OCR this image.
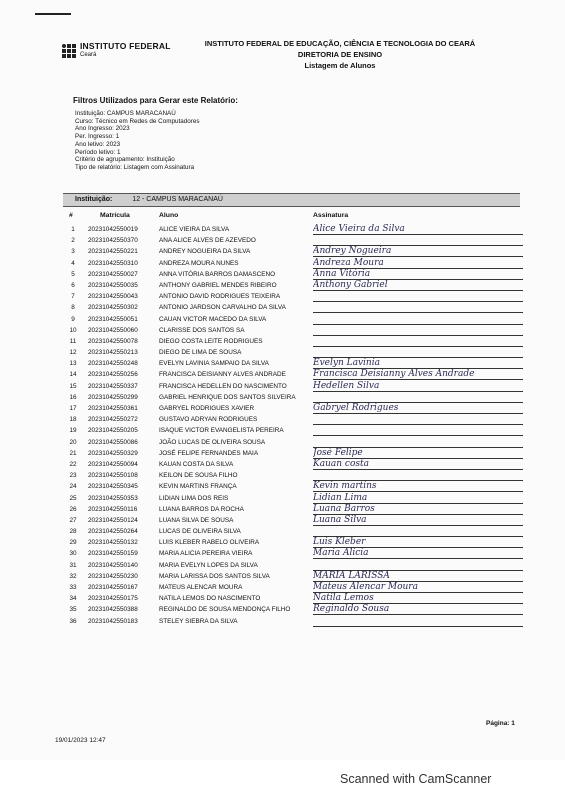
INSTITUTO FEDERAL
Ceará
INSTITUTO FEDERAL DE EDUCAÇÃO, CIÊNCIA E TECNOLOGIA DO CEARÁ
DIRETORIA DE ENSINO
Listagem de Alunos
Filtros Utilizados para Gerar este Relatório:
Instituição: CAMPUS MARACANAÚ
Curso: Técnico em Redes de Computadores
Ano Ingresso: 2023
Per. Ingresso: 1
Ano letivo: 2023
Período letivo: 1
Critério de agrupamento: Instituição
Tipo de relatório: Listagem com Assinatura
Instituição:	12 - CAMPUS MARACANAÚ
#	Matrícula	Aluno	Assinatura
1	20231042550019	ALICE VIEIRA DA SILVA	Alice Vieira da Silva
2	20231042550370	ANA ALICE ALVES DE AZEVEDO
3	20231042550221	ANDREY NOGUEIRA DA SILVA	Andrey Nogueira
4	20231042550310	ANDREZA MOURA NUNES	Andreza Moura
5	20231042550027	ANNA VITÓRIA BARROS DAMASCENO	Anna Vitória
6	20231042550035	ANTHONY GABRIEL MENDES RIBEIRO	Anthony Gabriel
7	20231042550043	ANTONIO DAVID RODRIGUES TEIXEIRA
8	20231042550302	ANTONIO JARDSON CARVALHO DA SILVA
9	20231042550051	CAUAN VICTOR MACEDO DA SILVA
10	20231042550060	CLARISSE DOS SANTOS SA
11	20231042550078	DIEGO COSTA LEITE RODRIGUES
12	20231042550213	DIEGO DE LIMA DE SOUSA
13	20231042550248	EVELYN LAVINIA SAMPAIO DA SILVA	Evelyn Lavinia
14	20231042550256	FRANCISCA DEISIANNY ALVES ANDRADE	Francisca Deisianny Alves Andrade
15	20231042550337	FRANCISCA HEDELLEN DO NASCIMENTO	Hedellen Silva
16	20231042550299	GABRIEL HENRIQUE DOS SANTOS SILVEIRA
17	20231042550361	GABRYEL RODRIGUES XAVIER	Gabryel Rodrigues
18	20231042550272	GUSTAVO ADRYAN RODRIGUES
19	20231042550205	ISAQUE VICTOR EVANGELISTA PEREIRA
20	20231042550086	JOÃO LUCAS DE OLIVEIRA SOUSA
21	20231042550329	JOSÉ FELIPE FERNANDES MAIA	José Felipe
22	20231042550094	KAUAN COSTA DA SILVA	Kauan costa
23	20231042550108	KEILON DE SOUSA FILHO
24	20231042550345	KEVIN MARTINS FRANÇA	Kevin martins
25	20231042550353	LIDIAN LIMA DOS REIS	Lidian Lima
26	20231042550116	LUANA BARROS DA ROCHA	Luana Barros
27	20231042550124	LUANA SILVA DE SOUSA	Luana Silva
28	20231042550264	LUCAS DE OLIVEIRA SILVA
29	20231042550132	LUIS KLEBER RABELO OLIVEIRA	Luis Kleber
30	20231042550159	MARIA ALICIA PEREIRA VIEIRA	Maria Alicia
31	20231042550140	MARIA EVELYN LOPES DA SILVA
32	20231042550230	MARIA LARISSA DOS SANTOS SILVA	MARIA LARISSA
33	20231042550167	MATEUS ALENCAR MOURA	Mateus Alencar Moura
34	20231042550175	NATILA LEMOS DO NASCIMENTO	Natila Lemos
35	20231042550388	REGINALDO DE SOUSA MENDONÇA FILHO	Reginaldo Sousa
36	20231042550183	STELEY SIEBRA DA SILVA
Página: 1
19/01/2023 12:47
Scanned with CamScanner
